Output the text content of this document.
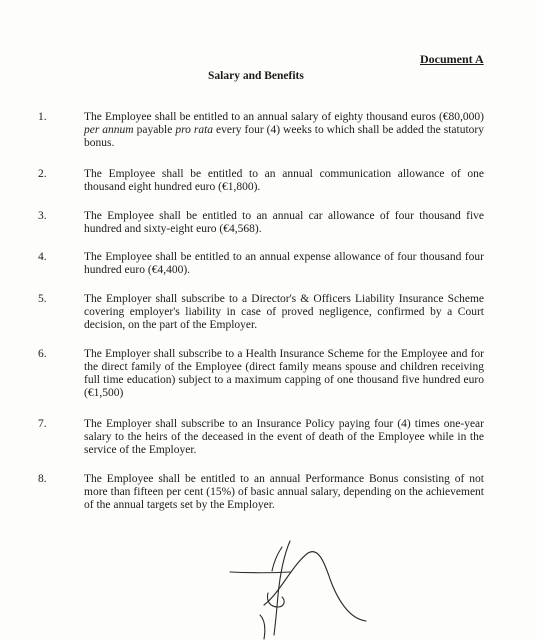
Document A
Salary and Benefits
1.	The Employee shall be entitled to an annual salary of eighty thousand euros (€80,000) per annum payable pro rata every four (4) weeks to which shall be added the statutory bonus.
2.	The Employee shall be entitled to an annual communication allowance of one thousand eight hundred euro (€1,800).
3.	The Employee shall be entitled to an annual car allowance of four thousand five hundred and sixty-eight euro (€4,568).
4.	The Employee shall be entitled to an annual expense allowance of four thousand four hundred euro (€4,400).
5.	The Employer shall subscribe to a Director's & Officers Liability Insurance Scheme covering employer's liability in case of proved negligence, confirmed by a Court decision, on the part of the Employer.
6.	The Employer shall subscribe to a Health Insurance Scheme for the Employee and for the direct family of the Employee (direct family means spouse and children receiving full time education) subject to a maximum capping of one thousand five hundred euro (€1,500)
7.	The Employer shall subscribe to an Insurance Policy paying four (4) times one-year salary to the heirs of the deceased in the event of death of the Employee while in the service of the Employer.
8.	The Employee shall be entitled to an annual Performance Bonus consisting of not more than fifteen per cent (15%) of basic annual salary, depending on the achievement of the annual targets set by the Employer.
